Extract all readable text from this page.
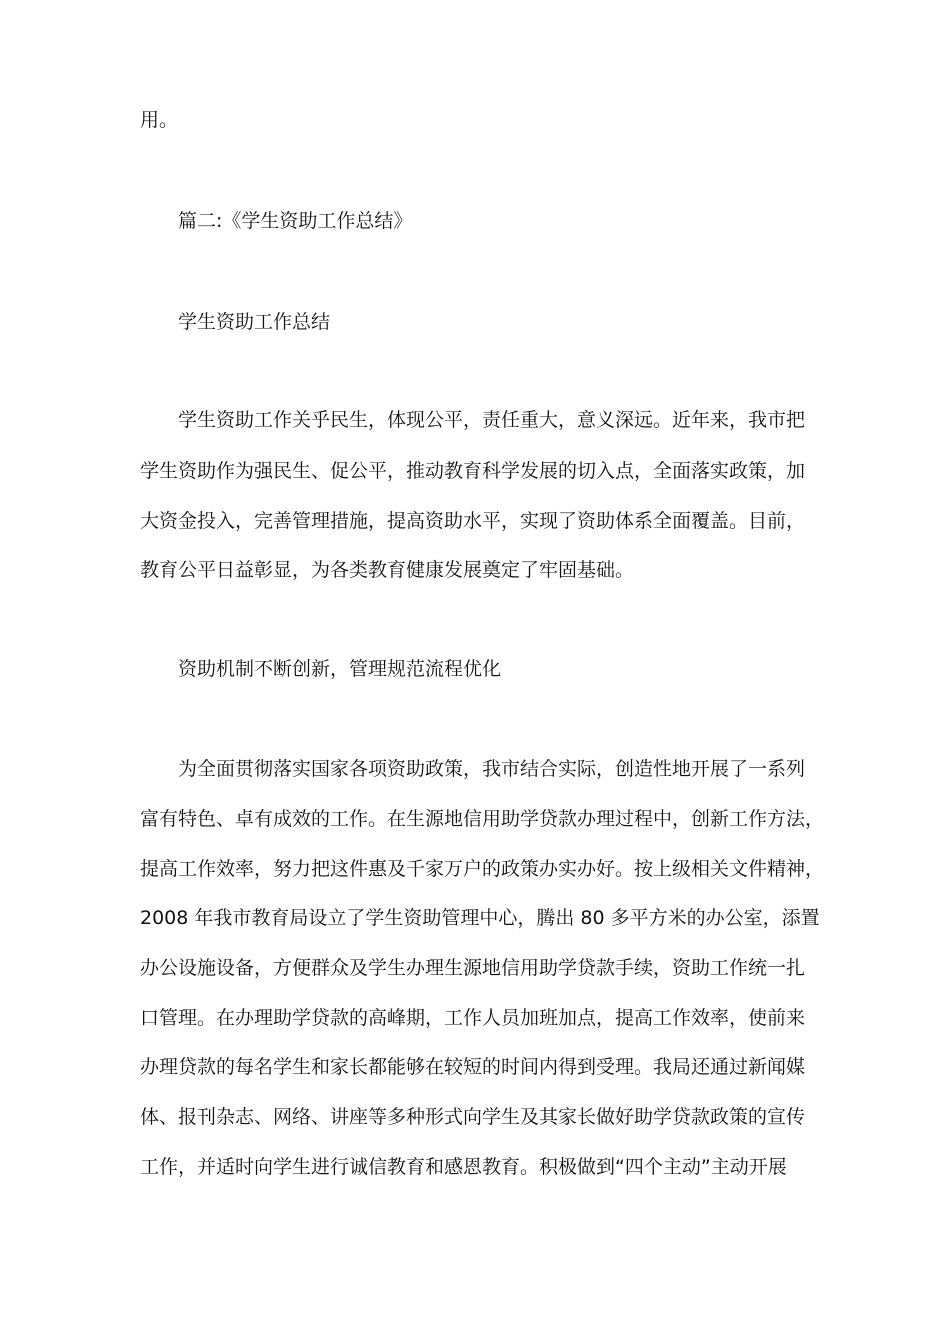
用。
篇二:《学生资助工作总结》
学生资助工作总结
学生资助工作关乎民生，体现公平，责任重大，意义深远。近年来，我市把
学生资助作为强民生、促公平，推动教育科学发展的切入点，全面落实政策，加
大资金投入，完善管理措施，提高资助水平，实现了资助体系全面覆盖。目前，
教育公平日益彰显，为各类教育健康发展奠定了牢固基础。
资助机制不断创新，管理规范流程优化
为全面贯彻落实国家各项资助政策，我市结合实际，创造性地开展了一系列
富有特色、卓有成效的工作。在生源地信用助学贷款办理过程中，创新工作方法，
提高工作效率，努力把这件惠及千家万户的政策办实办好。按上级相关文件精神，
2008 年我市教育局设立了学生资助管理中心，腾出 80 多平方米的办公室，添置
办公设施设备，方便群众及学生办理生源地信用助学贷款手续，资助工作统一扎
口管理。在办理助学贷款的高峰期，工作人员加班加点，提高工作效率，使前来
办理贷款的每名学生和家长都能够在较短的时间内得到受理。我局还通过新闻媒
体、报刊杂志、网络、讲座等多种形式向学生及其家长做好助学贷款政策的宣传
工作，并适时向学生进行诚信教育和感恩教育。积极做到“四个主动”主动开展
